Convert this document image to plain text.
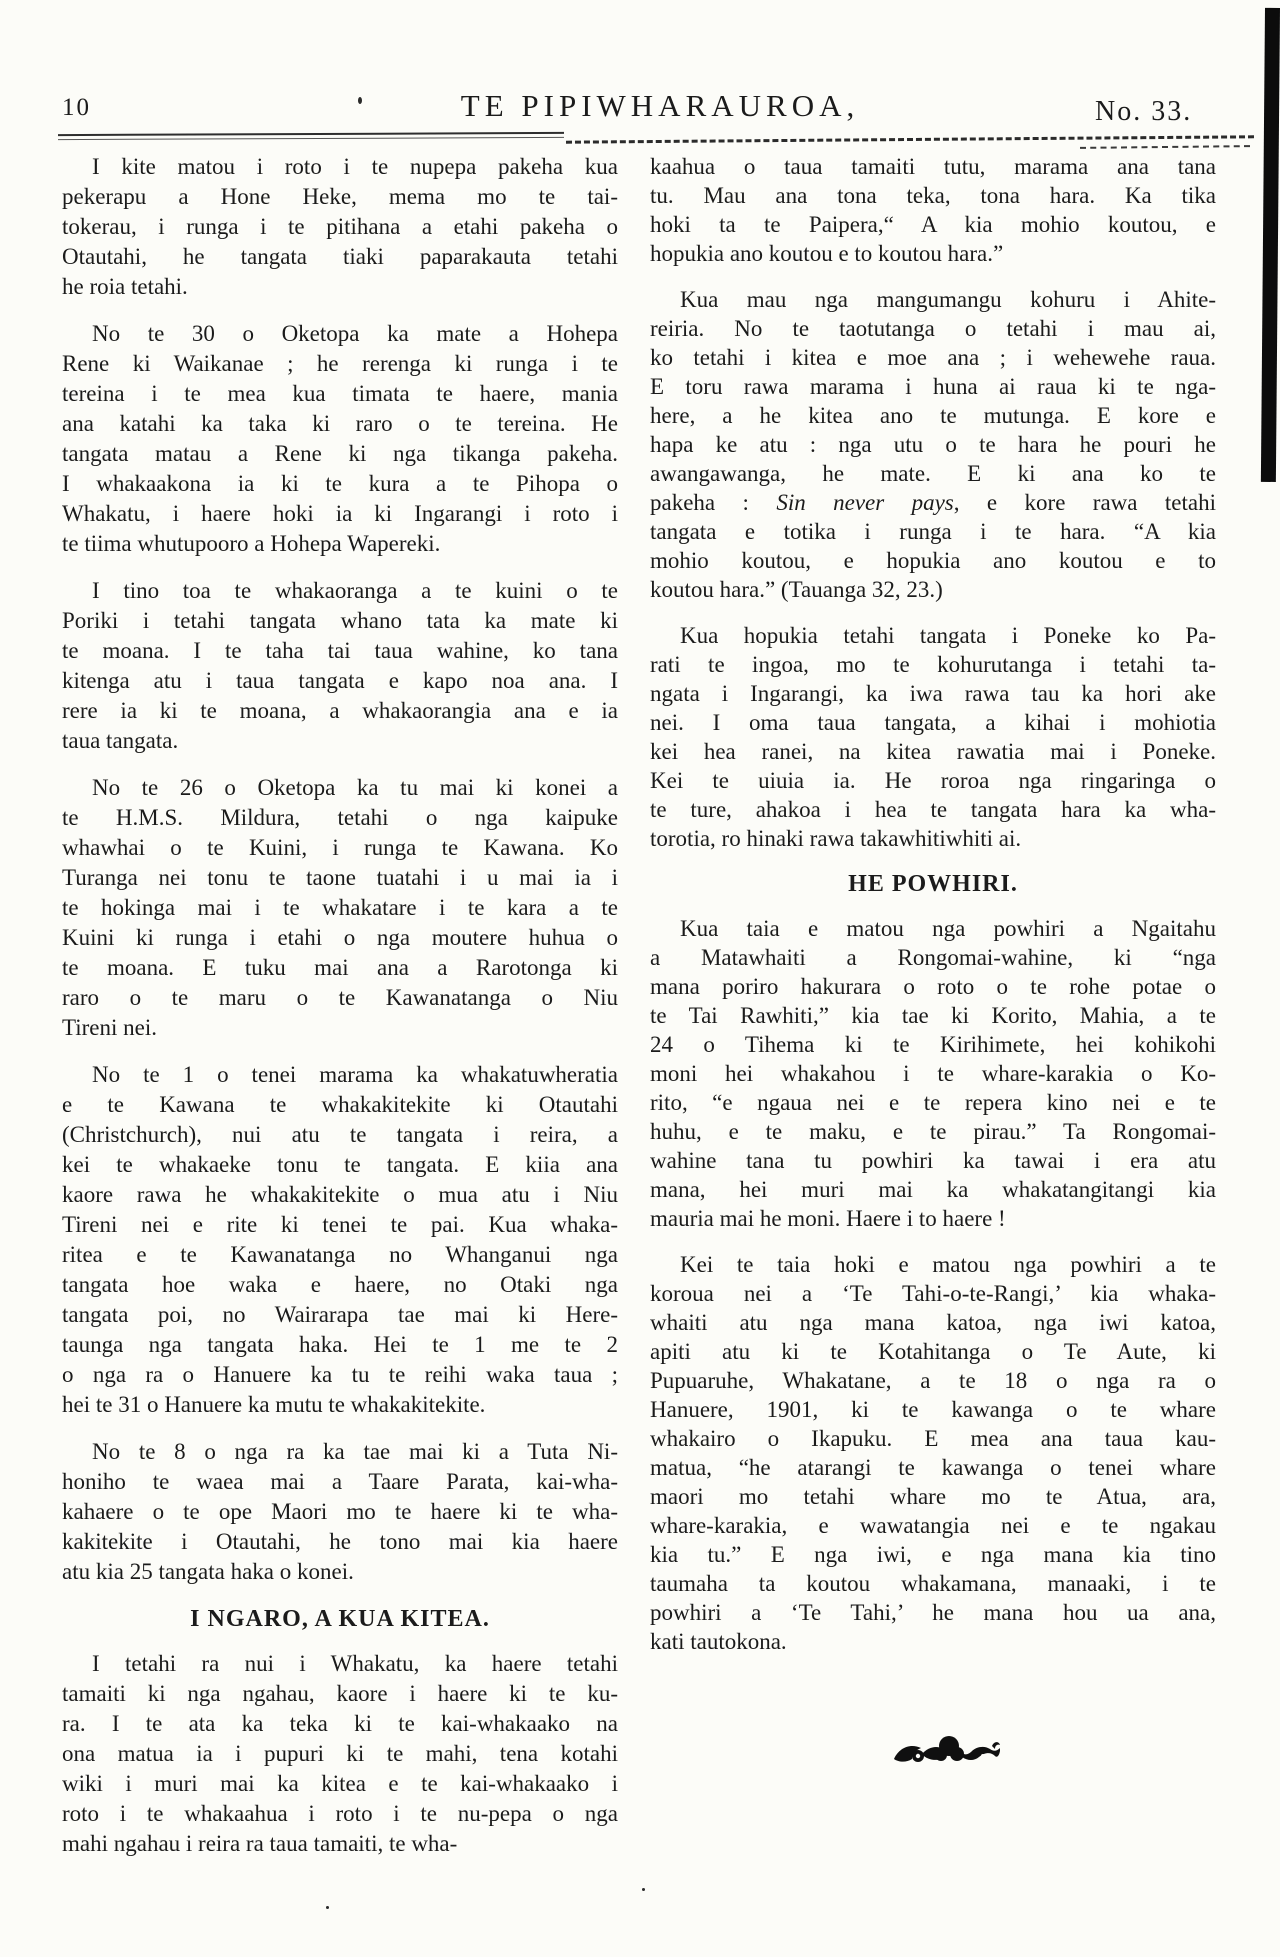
10	TE PIPIWHARAUROA,	No. 33.
I kite matou i roto i te nupepa pakeha kua
pekerapu a Hone Heke, mema mo te tai-
tokerau, i runga i te pitihana a etahi pakeha o
Otautahi, he tangata tiaki paparakauta tetahi
he roia tetahi.
No te 30 o Oketopa ka mate a Hohepa
Rene ki Waikanae ; he rerenga ki runga i te
tereina i te mea kua timata te haere, mania
ana katahi ka taka ki raro o te tereina. He
tangata matau a Rene ki nga tikanga pakeha.
I whakaakona ia ki te kura a te Pihopa o
Whakatu, i haere hoki ia ki Ingarangi i roto i
te tiima whutupooro a Hohepa Wapereki.
I tino toa te whakaoranga a te kuini o te
Poriki i tetahi tangata whano tata ka mate ki
te moana. I te taha tai taua wahine, ko tana
kitenga atu i taua tangata e kapo noa ana. I
rere ia ki te moana, a whakaorangia ana e ia
taua tangata.
No te 26 o Oketopa ka tu mai ki konei a
te H.M.S. Mildura, tetahi o nga kaipuke
whawhai o te Kuini, i runga te Kawana. Ko
Turanga nei tonu te taone tuatahi i u mai ia i
te hokinga mai i te whakatare i te kara a te
Kuini ki runga i etahi o nga moutere huhua o
te moana. E tuku mai ana a Rarotonga ki
raro o te maru o te Kawanatanga o Niu
Tireni nei.
No te 1 o tenei marama ka whakatuwheratia
e te Kawana te whakakitekite ki Otautahi
(Christchurch), nui atu te tangata i reira, a
kei te whakaeke tonu te tangata. E kiia ana
kaore rawa he whakakitekite o mua atu i Niu
Tireni nei e rite ki tenei te pai. Kua whaka-
ritea e te Kawanatanga no Whanganui nga
tangata hoe waka e haere, no Otaki nga
tangata poi, no Wairarapa tae mai ki Here-
taunga nga tangata haka. Hei te 1 me te 2
o nga ra o Hanuere ka tu te reihi waka taua ;
hei te 31 o Hanuere ka mutu te whakakitekite.
No te 8 o nga ra ka tae mai ki a Tuta Ni-
honiho te waea mai a Taare Parata, kai-wha-
kahaere o te ope Maori mo te haere ki te wha-
kakitekite i Otautahi, he tono mai kia haere
atu kia 25 tangata haka o konei.
I NGARO, A KUA KITEA.
I tetahi ra nui i Whakatu, ka haere tetahi
tamaiti ki nga ngahau, kaore i haere ki te ku-
ra. I te ata ka teka ki te kai-whakaako na
ona matua ia i pupuri ki te mahi, tena kotahi
wiki i muri mai ka kitea e te kai-whakaako i
roto i te whakaahua i roto i te nu-pepa o nga
mahi ngahau i reira ra taua tamaiti, te wha-
kaahua o taua tamaiti tutu, marama ana tana
tu. Mau ana tona teka, tona hara. Ka tika
hoki ta te Paipera,“ A kia mohio koutou, e
hopukia ano koutou e to koutou hara.”
Kua mau nga mangumangu kohuru i Ahite-
reiria. No te taotutanga o tetahi i mau ai,
ko tetahi i kitea e moe ana ; i wehewehe raua.
E toru rawa marama i huna ai raua ki te nga-
here, a he kitea ano te mutunga. E kore e
hapa ke atu : nga utu o te hara he pouri he
awangawanga, he mate. E ki ana ko te
pakeha : Sin never pays, e kore rawa tetahi
tangata e totika i runga i te hara. “A kia
mohio koutou, e hopukia ano koutou e to
koutou hara.” (Tauanga 32, 23.)
Kua hopukia tetahi tangata i Poneke ko Pa-
rati te ingoa, mo te kohurutanga i tetahi ta-
ngata i Ingarangi, ka iwa rawa tau ka hori ake
nei. I oma taua tangata, a kihai i mohiotia
kei hea ranei, na kitea rawatia mai i Poneke.
Kei te uiuia ia. He roroa nga ringaringa o
te ture, ahakoa i hea te tangata hara ka wha-
torotia, ro hinaki rawa takawhitiwhiti ai.
HE POWHIRI.
Kua taia e matou nga powhiri a Ngaitahu
a Matawhaiti a Rongomai-wahine, ki “nga
mana poriro hakurara o roto o te rohe potae o
te Tai Rawhiti,” kia tae ki Korito, Mahia, a te
24 o Tihema ki te Kirihimete, hei kohikohi
moni hei whakahou i te whare-karakia o Ko-
rito, “e ngaua nei e te repera kino nei e te
huhu, e te maku, e te pirau.” Ta Rongomai-
wahine tana tu powhiri ka tawai i era atu
mana, hei muri mai ka whakatangitangi kia
mauria mai he moni. Haere i to haere !
Kei te taia hoki e matou nga powhiri a te
koroua nei a ‘Te Tahi-o-te-Rangi,’ kia whaka-
whaiti atu nga mana katoa, nga iwi katoa,
apiti atu ki te Kotahitanga o Te Aute, ki
Pupuaruhe, Whakatane, a te 18 o nga ra o
Hanuere, 1901, ki te kawanga o te whare
whakairo o Ikapuku. E mea ana taua kau-
matua, “he atarangi te kawanga o tenei whare
maori mo tetahi whare mo te Atua, ara,
whare-karakia, e wawatangia nei e te ngakau
kia tu.” E nga iwi, e nga mana kia tino
taumaha ta koutou whakamana, manaaki, i te
powhiri a ‘Te Tahi,’ he mana hou ua ana,
kati tautokona.
